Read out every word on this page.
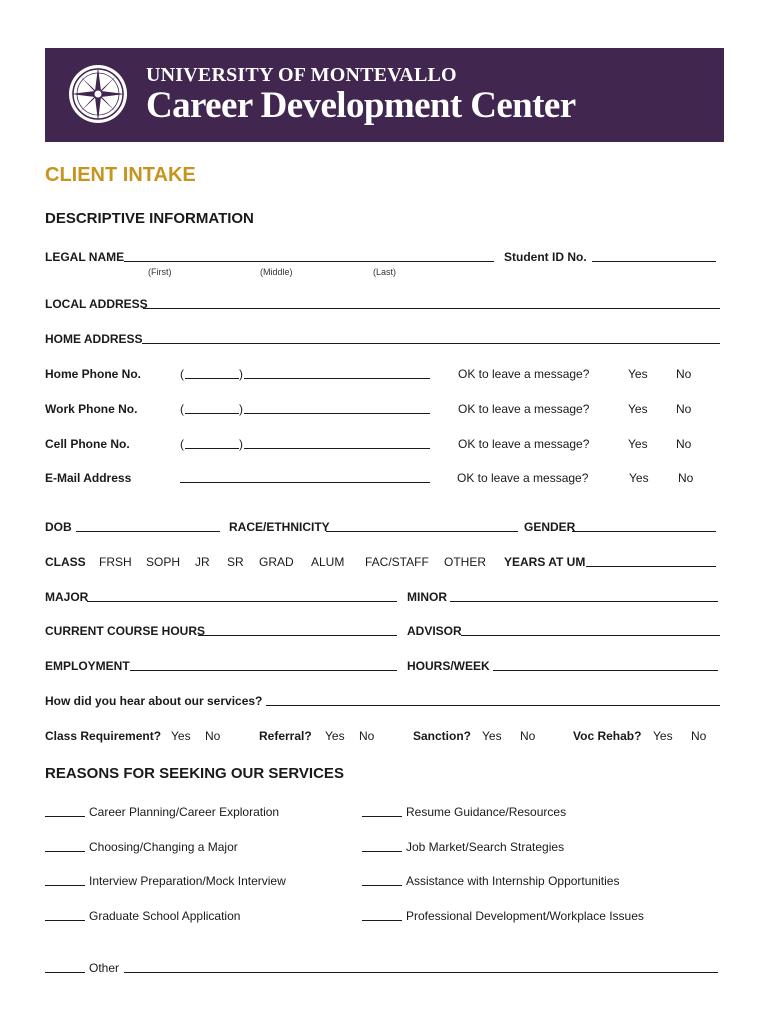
UNIVERSITY OF MONTEVALLO
Career Development Center
CLIENT INTAKE
DESCRIPTIVE INFORMATION
LEGAL NAME	Student ID No.
(First)	(Middle)	(Last)
LOCAL ADDRESS
HOME ADDRESS
Home Phone No.	(	)	OK to leave a message?	Yes No
Work Phone No.	(	)	OK to leave a message?	Yes No
Cell Phone No.	(	)	OK to leave a message?	Yes No
E-Mail Address	OK to leave a message?	Yes No
DOB	RACE/ETHNICITY	GENDER
CLASS FRSH SOPH JR SR GRAD ALUM FAC/STAFF OTHER YEARS AT UM
MAJOR	MINOR
CURRENT COURSE HOURS	ADVISOR
EMPLOYMENT	HOURS/WEEK
How did you hear about our services?
Class Requirement? Yes No	Referral? Yes No	Sanction? Yes No	Voc Rehab? Yes No
REASONS FOR SEEKING OUR SERVICES
Career Planning/Career Exploration	Resume Guidance/Resources
Choosing/Changing a Major	Job Market/Search Strategies
Interview Preparation/Mock Interview	Assistance with Internship Opportunities
Graduate School Application	Professional Development/Workplace Issues
Other
